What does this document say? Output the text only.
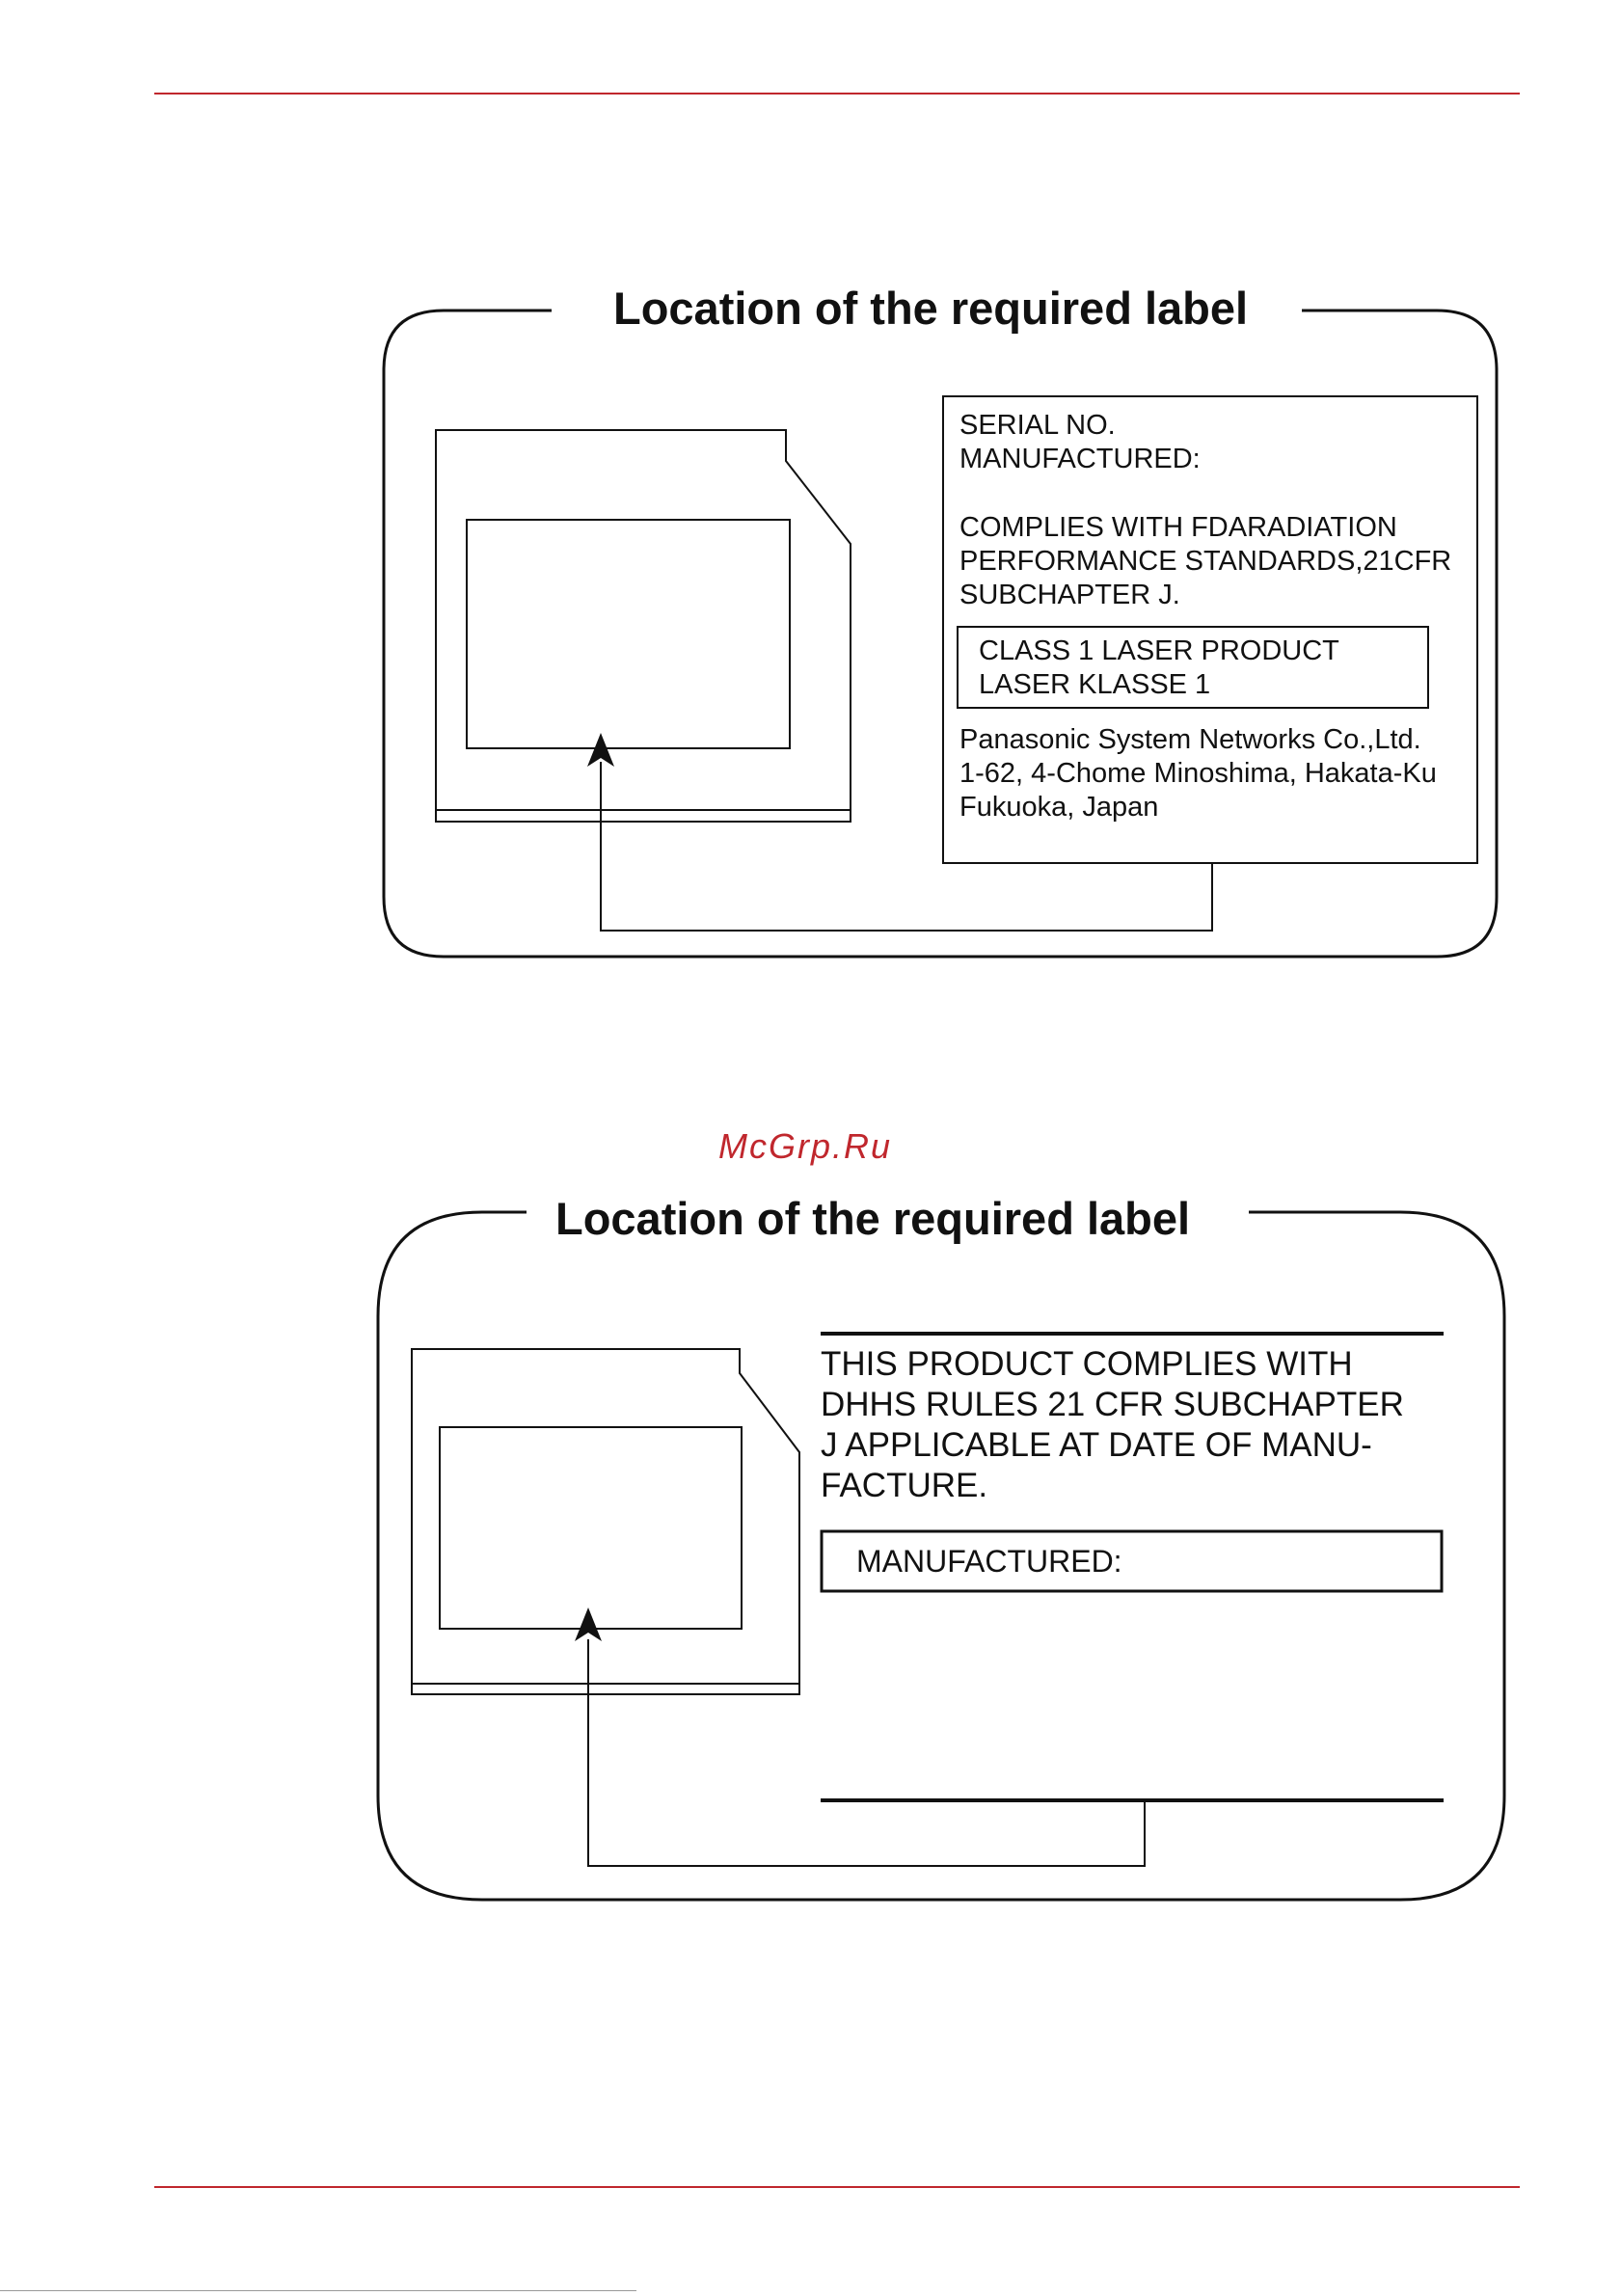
Location of the required label
SERIAL NO.
MANUFACTURED:
COMPLIES WITH FDARADIATION
PERFORMANCE STANDARDS,21CFR
SUBCHAPTER J.
CLASS 1 LASER PRODUCT
LASER KLASSE 1
Panasonic System Networks Co.,Ltd.
1-62, 4-Chome Minoshima, Hakata-Ku
Fukuoka, Japan
McGrp.Ru
Location of the required label
THIS PRODUCT COMPLIES WITH
DHHS RULES 21 CFR SUBCHAPTER
J APPLICABLE AT DATE OF MANU-
FACTURE.
MANUFACTURED:
